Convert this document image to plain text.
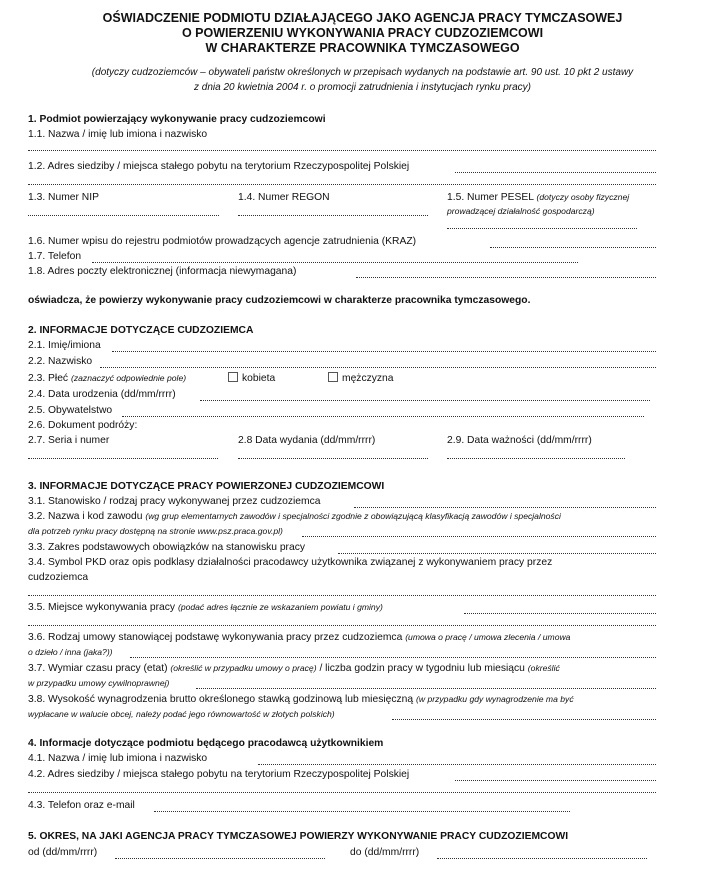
OŚWIADCZENIE PODMIOTU DZIAŁAJĄCEGO JAKO AGENCJA PRACY TYMCZASOWEJ
O POWIERZENIU WYKONYWANIA PRACY CUDZOZIEMCOWI
W CHARAKTERZE PRACOWNIKA TYMCZASOWEGO
(dotyczy cudzoziemców – obywateli państw określonych w przepisach wydanych na podstawie art. 90 ust. 10 pkt 2 ustawy
z dnia 20 kwietnia 2004 r. o promocji zatrudnienia i instytucjach rynku pracy)
1. Podmiot powierzający wykonywanie pracy cudzoziemcowi
1.1. Nazwa / imię lub imiona i nazwisko
1.2. Adres siedziby / miejsca stałego pobytu na terytorium Rzeczypospolitej Polskiej
1.3. Numer NIP	1.4. Numer REGON	1.5. Numer PESEL (dotyczy osoby fizycznej
prowadzącej działalność gospodarczą)
1.6. Numer wpisu do rejestru podmiotów prowadzących agencje zatrudnienia (KRAZ)
1.7. Telefon
1.8. Adres poczty elektronicznej (informacja niewymagana)
oświadcza, że powierzy wykonywanie pracy cudzoziemcowi w charakterze pracownika tymczasowego.
2. INFORMACJE DOTYCZĄCE CUDZOZIEMCA
2.1. Imię/imiona
2.2. Nazwisko
2.3. Płeć (zaznaczyć odpowiednie pole)	kobieta	mężczyzna
2.4. Data urodzenia (dd/mm/rrrr)
2.5. Obywatelstwo
2.6. Dokument podróży:
2.7. Seria i numer	2.8 Data wydania (dd/mm/rrrr)	2.9. Data ważności (dd/mm/rrrr)
3. INFORMACJE DOTYCZĄCE PRACY POWIERZONEJ CUDZOZIEMCOWI
3.1. Stanowisko / rodzaj pracy wykonywanej przez cudzoziemca
3.2. Nazwa i kod zawodu (wg grup elementarnych zawodów i specjalności zgodnie z obowiązującą klasyfikacją zawodów i specjalności
dla potrzeb rynku pracy dostępną na stronie www.psz.praca.gov.pl)
3.3. Zakres podstawowych obowiązków na stanowisku pracy
3.4. Symbol PKD oraz opis podklasy działalności pracodawcy użytkownika związanej z wykonywaniem pracy przez
cudzoziemca
3.5. Miejsce wykonywania pracy (podać adres łącznie ze wskazaniem powiatu i gminy)
3.6. Rodzaj umowy stanowiącej podstawę wykonywania pracy przez cudzoziemca (umowa o pracę / umowa zlecenia / umowa
o dzieło / inna (jaka?))
3.7. Wymiar czasu pracy (etat) (określić w przypadku umowy o pracę) / liczba godzin pracy w tygodniu lub miesiącu (określić
w przypadku umowy cywilnoprawnej)
3.8. Wysokość wynagrodzenia brutto określonego stawką godzinową lub miesięczną (w przypadku gdy wynagrodzenie ma być
wypłacane w walucie obcej, należy podać jego równowartość w złotych polskich)
4. Informacje dotyczące podmiotu będącego pracodawcą użytkownikiem
4.1. Nazwa / imię lub imiona i nazwisko
4.2. Adres siedziby / miejsca stałego pobytu na terytorium Rzeczypospolitej Polskiej
4.3. Telefon oraz e-mail
5. OKRES, NA JAKI AGENCJA PRACY TYMCZASOWEJ POWIERZY WYKONYWANIE PRACY CUDZOZIEMCOWI
od (dd/mm/rrrr)	do (dd/mm/rrrr)
